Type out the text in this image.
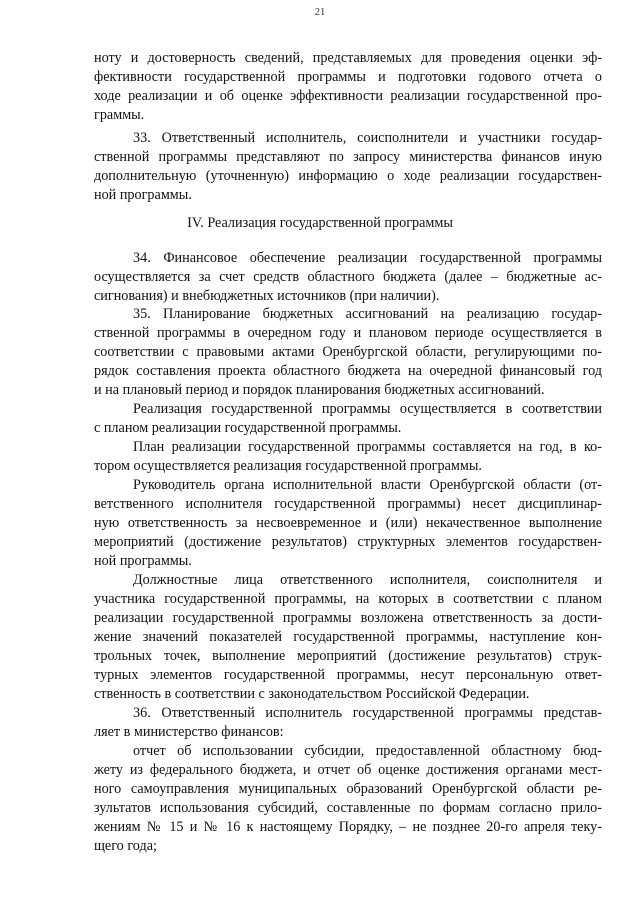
21
ноту и достоверность сведений, представляемых для проведения оценки эф-
фективности государственной программы и подготовки годового отчета о
ходе реализации и об оценке эффективности реализации государственной про-
граммы.
33. Ответственный исполнитель, соисполнители и участники государ-
ственной программы представляют по запросу министерства финансов иную
дополнительную (уточненную) информацию о ходе реализации государствен-
ной программы.
IV. Реализация государственной программы
34. Финансовое обеспечение реализации государственной программы
осуществляется за счет средств областного бюджета (далее – бюджетные ас-
сигнования) и внебюджетных источников (при наличии).
35. Планирование бюджетных ассигнований на реализацию государ-
ственной программы в очередном году и плановом периоде осуществляется в
соответствии с правовыми актами Оренбургской области, регулирующими по-
рядок составления проекта областного бюджета на очередной финансовый год
и на плановый период и порядок планирования бюджетных ассигнований.
Реализация государственной программы осуществляется в соответствии
с планом реализации государственной программы.
План реализации государственной программы составляется на год, в ко-
тором осуществляется реализация государственной программы.
Руководитель органа исполнительной власти Оренбургской области (от-
ветственного исполнителя государственной программы) несет дисциплинар-
ную ответственность за несвоевременное и (или) некачественное выполнение
мероприятий (достижение результатов) структурных элементов государствен-
ной программы.
Должностные лица ответственного исполнителя, соисполнителя и
участника государственной программы, на которых в соответствии с планом
реализации государственной программы возложена ответственность за дости-
жение значений показателей государственной программы, наступление кон-
трольных точек, выполнение мероприятий (достижение результатов) струк-
турных элементов государственной программы, несут персональную ответ-
ственность в соответствии с законодательством Российской Федерации.
36. Ответственный исполнитель государственной программы представ-
ляет в министерство финансов:
отчет об использовании субсидии, предоставленной областному бюд-
жету из федерального бюджета, и отчет об оценке достижения органами мест-
ного самоуправления муниципальных образований Оренбургской области ре-
зультатов использования субсидий, составленные по формам согласно прило-
жениям № 15 и № 16 к настоящему Порядку, – не позднее 20-го апреля теку-
щего года;
